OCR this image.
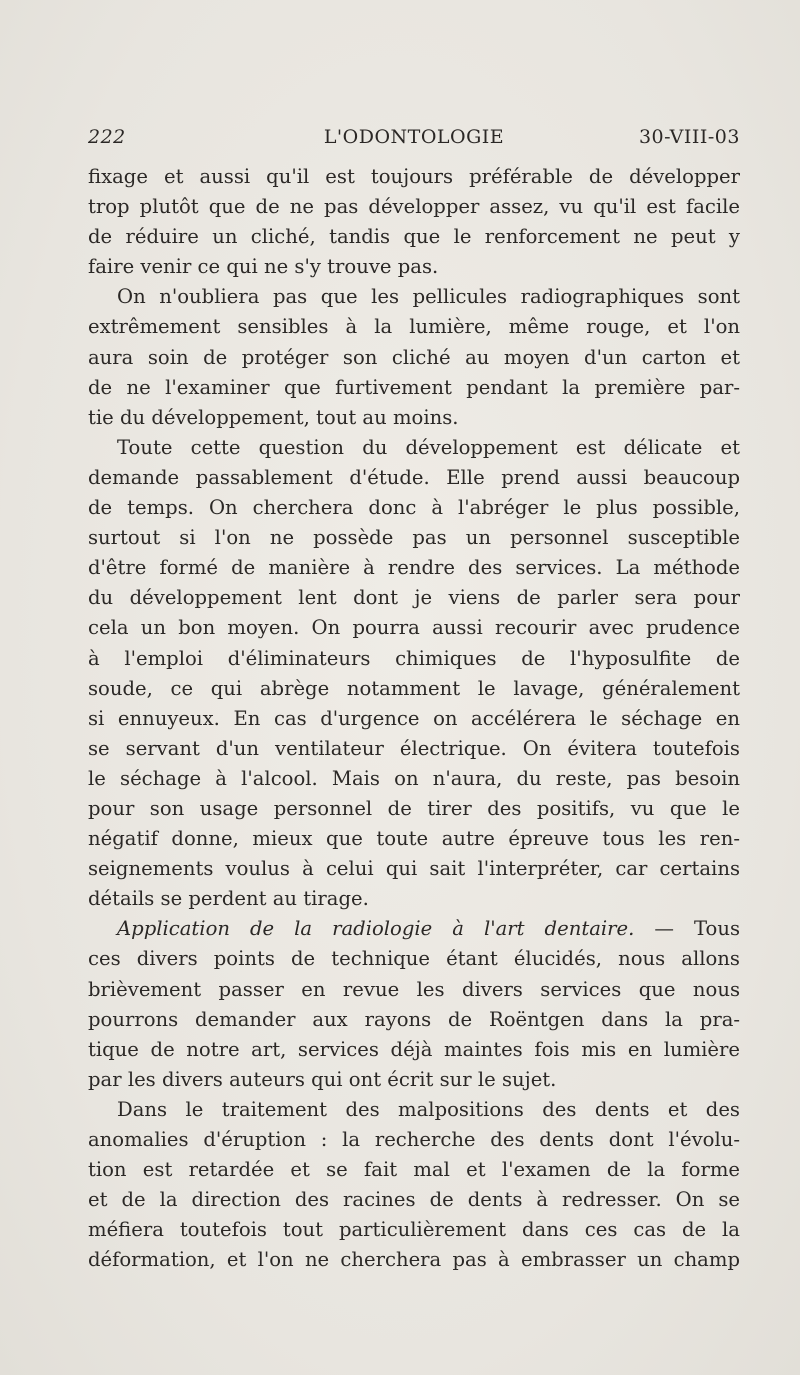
222	L'ODONTOLOGIE	30-VIII-03
fixage et aussi qu'il est toujours préférable de développer
trop plutôt que de ne pas développer assez, vu qu'il est facile
de réduire un cliché, tandis que le renforcement ne peut y
faire venir ce qui ne s'y trouve pas.
On n'oubliera pas que les pellicules radiographiques sont
extrêmement sensibles à la lumière, même rouge, et l'on
aura soin de protéger son cliché au moyen d'un carton et
de ne l'examiner que furtivement pendant la première par-
tie du développement, tout au moins.
Toute cette question du développement est délicate et
demande passablement d'étude. Elle prend aussi beaucoup
de temps. On cherchera donc à l'abréger le plus possible,
surtout si l'on ne possède pas un personnel susceptible
d'être formé de manière à rendre des services. La méthode
du développement lent dont je viens de parler sera pour
cela un bon moyen. On pourra aussi recourir avec prudence
à l'emploi d'éliminateurs chimiques de l'hyposulfite de
soude, ce qui abrège notamment le lavage, généralement
si ennuyeux. En cas d'urgence on accélérera le séchage en
se servant d'un ventilateur électrique. On évitera toutefois
le séchage à l'alcool. Mais on n'aura, du reste, pas besoin
pour son usage personnel de tirer des positifs, vu que le
négatif donne, mieux que toute autre épreuve tous les ren-
seignements voulus à celui qui sait l'interpréter, car certains
détails se perdent au tirage.
Application de la radiologie à l'art dentaire. — Tous
ces divers points de technique étant élucidés, nous allons
brièvement passer en revue les divers services que nous
pourrons demander aux rayons de Roëntgen dans la pra-
tique de notre art, services déjà maintes fois mis en lumière
par les divers auteurs qui ont écrit sur le sujet.
Dans le traitement des malpositions des dents et des
anomalies d'éruption : la recherche des dents dont l'évolu-
tion est retardée et se fait mal et l'examen de la forme
et de la direction des racines de dents à redresser. On se
méfiera toutefois tout particulièrement dans ces cas de la
déformation, et l'on ne cherchera pas à embrasser un champ
